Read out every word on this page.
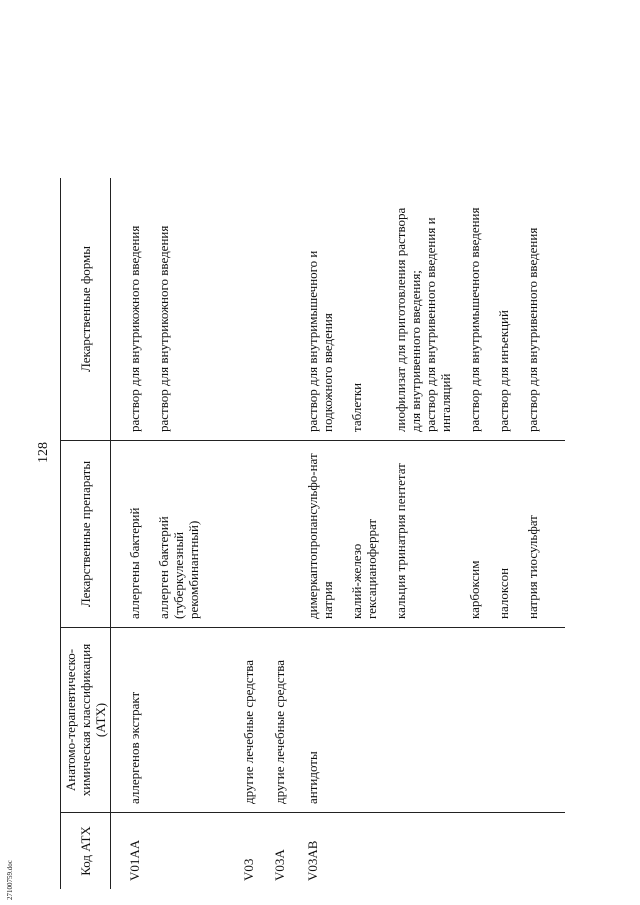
128
Код АТХ	Анатомо-терапевтическо-химическая классификация (АТХ)	Лекарственные препараты	Лекарственные формы

V01AA	аллергенов экстракт	аллергены бактерий	раствор для внутрикожного введения
		аллерген бактерий (туберкулезный рекомбинантный)	раствор для внутрикожного введения
V03	другие лечебные средства		
V03A	другие лечебные средства		
V03AB	антидоты	димеркаптопропансульфо-нат натрия	раствор для внутримышечного и подкожного введения
		калий-железо гексацианоферрат	таблетки
		кальция тринатрия пентетат	лиофилизат для приготовления раствора для внутривенного введения; раствор для внутривенного введения и ингаляций

		карбоксим	раствор для внутримышечного введения
		налоксон	раствор для инъекций
		натрия тиосульфат	раствор для внутривенного введения
27100759.doc
